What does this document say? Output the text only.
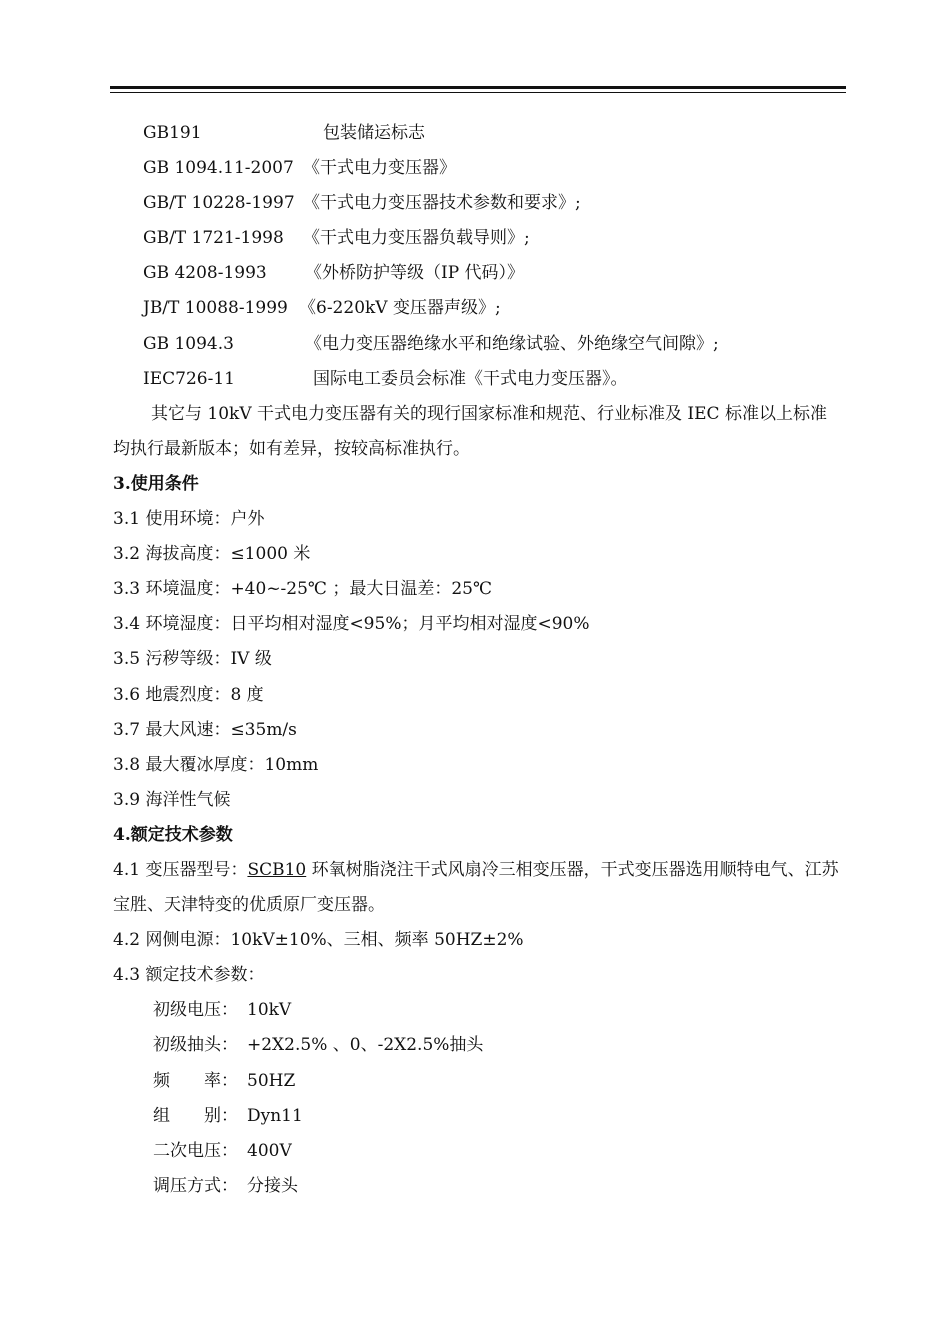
GB191	包装储运标志
GB 1094.11-2007 《干式电力变压器》
GB/T 10228-1997 《干式电力变压器技术参数和要求》;
GB/T 1721-1998 《干式电力变压器负载导则》;
GB 4208-1993 《外桥防护等级（IP 代码）》
JB/T 10088-1999 《6-220kV 变压器声级》;
GB 1094.3	《电力变压器绝缘水平和绝缘试验、外绝缘空气间隙》;
IEC726-11	国际电工委员会标准《干式电力变压器》。
其它与 10kV 干式电力变压器有关的现行国家标准和规范、行业标准及 IEC 标准以上标准均执行最新版本；如有差异，按较高标准执行。
3.使用条件
3.1 使用环境：户外
3.2 海拔高度：≤1000 米
3.3 环境温度：+40~-25℃ ；最大日温差：25℃
3.4 环境湿度：日平均相对湿度<95%；月平均相对湿度<90%
3.5 污秽等级：IV 级
3.6 地震烈度：8 度
3.7 最大风速：≤35m/s
3.8 最大覆冰厚度：10mm
3.9 海洋性气候
4.额定技术参数
4.1 变压器型号：SCB10 环氧树脂浇注干式风扇冷三相变压器，干式变压器选用顺特电气、江苏宝胜、天津特变的优质原厂变压器。
4.2 网侧电源：10kV±10%、三相、频率 50HZ±2%
4.3 额定技术参数：
初级电压： 10kV
初级抽头： +2X2.5% 、0、-2X2.5%抽头
频　　率： 50HZ
组　　别： Dyn11
二次电压： 400V
调压方式： 分接头
